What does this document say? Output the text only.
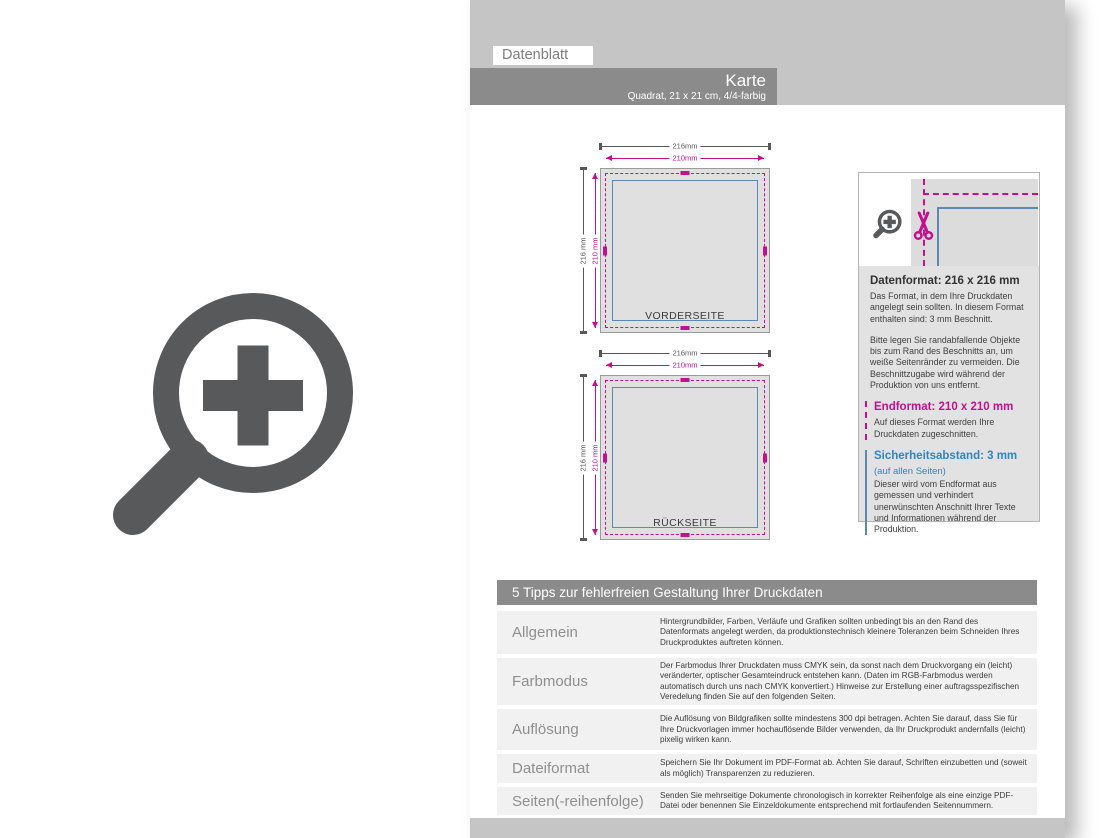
Datenblatt
Karte
Quadrat, 21 x 21 cm, 4/4-farbig
216mm
210mm
216 mm 210 mm
VORDERSEITE
216mm
210mm
216 mm 210 mm
RÜCKSEITE
Datenformat: 216 x 216 mm

Das Format, in dem Ihre Druckdaten angelegt sein sollten. In diesem Format enthalten sind: 3 mm Beschnitt.

Bitte legen Sie randabfallende Objekte bis zum Rand des Beschnitts an, um weiße Seitenränder zu vermeiden. Die Beschnittzugabe wird während der Produktion von uns entfernt.

Endformat: 210 x 210 mm

Auf dieses Format werden Ihre Druckdaten zugeschnitten.

Sicherheitsabstand: 3 mm
(auf allen Seiten)

Dieser wird vom Endformat aus gemessen und verhindert unerwünschten Anschnitt Ihrer Texte und Informationen während der Produktion.

5 Tipps zur fehlerfreien Gestaltung Ihrer Druckdaten
Allgemein
Hintergrundbilder, Farben, Verläufe und Grafiken sollten unbedingt bis an den Rand des Datenformats angelegt werden, da produktionstechnisch kleinere Toleranzen beim Schneiden Ihres Druckproduktes auftreten können.
Farbmodus
Der Farbmodus Ihrer Druckdaten muss CMYK sein, da sonst nach dem Druckvorgang ein (leicht) veränderter, optischer Gesamteindruck entstehen kann. (Daten im RGB-Farbmodus werden automatisch durch uns nach CMYK konvertiert.) Hinweise zur Erstellung einer auftragsspezifischen Veredelung finden Sie auf den folgenden Seiten.
Auflösung
Die Auflösung von Bildgrafiken sollte mindestens 300 dpi betragen. Achten Sie darauf, dass Sie für Ihre Druckvorlagen immer hochauflösende Bilder verwenden, da Ihr Druckprodukt andernfalls (leicht) pixelig wirken kann.
Dateiformat	Speichern Sie Ihr Dokument im PDF-Format ab. Achten Sie darauf, Schriften einzubetten und (soweit als möglich) Transparenzen zu reduzieren.
Seiten(-reihenfolge)	Senden Sie mehrseitige Dokumente chronologisch in korrekter Reihenfolge als eine einzige PDF-Datei oder benennen Sie Einzeldokumente entsprechend mit fortlaufenden Seitennummern.
